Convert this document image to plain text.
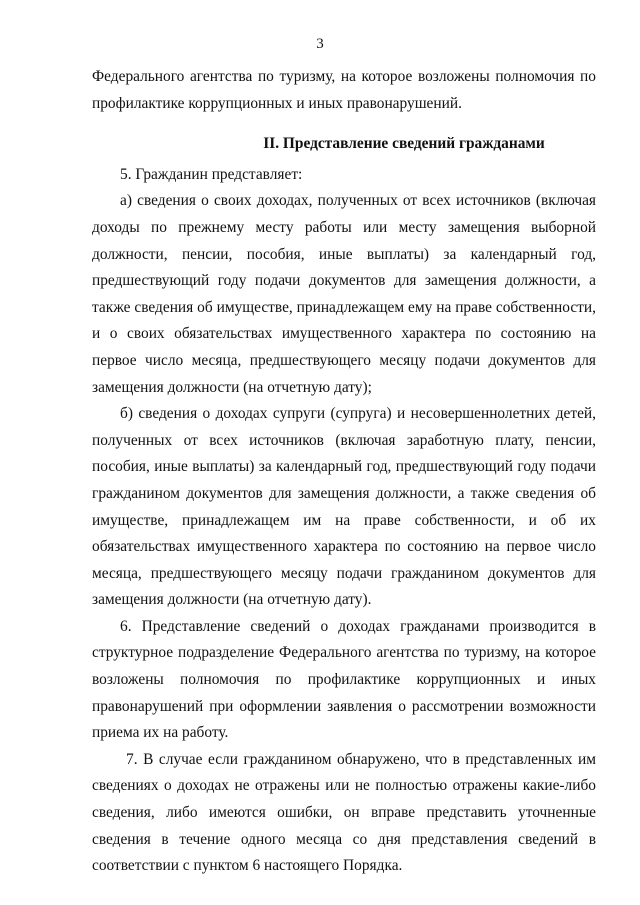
3

Федерального агентства по туризму, на которое возложены полномочия по профилактике коррупционных и иных правонарушений.

II. Представление сведений гражданами

5. Гражданин представляет:

а) сведения о своих доходах, полученных от всех источников (включая доходы по прежнему месту работы или месту замещения выборной должности, пенсии, пособия, иные выплаты) за календарный год, предшествующий году подачи документов для замещения должности, а также сведения об имуществе, принадлежащем ему на праве собственности, и о своих обязательствах имущественного характера по состоянию на первое число месяца, предшествующего месяцу подачи документов для замещения должности (на отчетную дату);

б) сведения о доходах супруги (супруга) и несовершеннолетних детей, полученных от всех источников (включая заработную плату, пенсии, пособия, иные выплаты) за календарный год, предшествующий году подачи гражданином документов для замещения должности, а также сведения об имуществе, принадлежащем им на праве собственности, и об их обязательствах имущественного характера по состоянию на первое число месяца, предшествующего месяцу подачи гражданином документов для замещения должности (на отчетную дату).

6. Представление сведений о доходах гражданами производится в структурное подразделение Федерального агентства по туризму, на которое возложены полномочия по профилактике коррупционных и иных правонарушений при оформлении заявления о рассмотрении возможности приема их на работу.

7. В случае если гражданином обнаружено, что в представленных им сведениях о доходах не отражены или не полностью отражены какие-либо сведения, либо имеются ошибки, он вправе представить уточненные сведения в течение одного месяца со дня представления сведений в соответствии с пунктом 6 настоящего Порядка.
